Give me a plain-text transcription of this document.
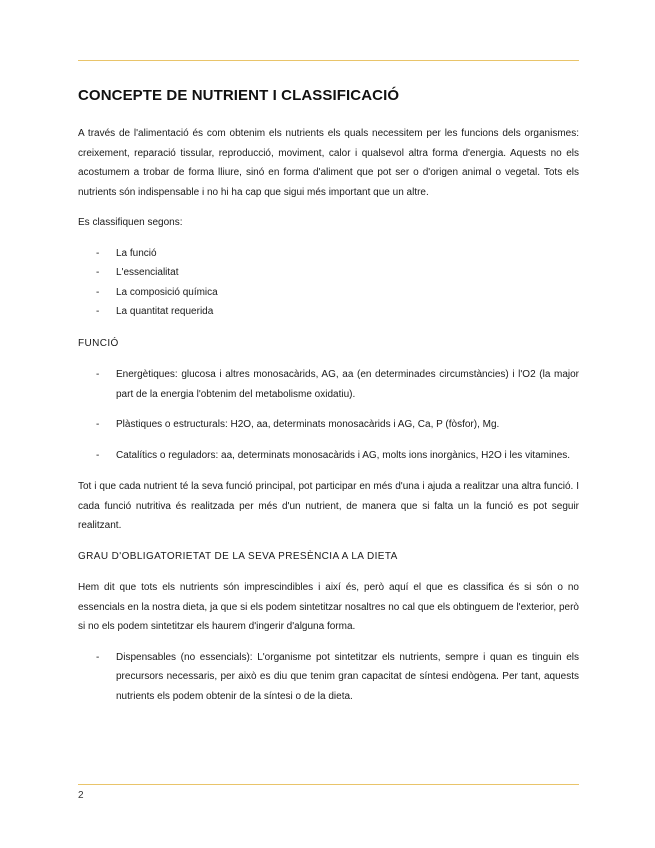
CONCEPTE DE NUTRIENT I CLASSIFICACIÓ

A través de l'alimentació és com obtenim els nutrients els quals necessitem per les funcions dels organismes: creixement, reparació tissular, reproducció, moviment, calor i qualsevol altra forma d'energia. Aquests no els acostumem a trobar de forma lliure, sinó en forma d'aliment que pot ser o d'origen animal o vegetal. Tots els nutrients són indispensable i no hi ha cap que sigui més important que un altre.

Es classifiquen segons:

- La funció
- L'essencialitat
- La composició química
- La quantitat requerida

FUNCIÓ

- Energètiques: glucosa i altres monosacàrids, AG, aa (en determinades circumstàncies) i l'O2 (la major part de la energia l'obtenim del metabolisme oxidatiu).
- Plàstiques o estructurals: H2O, aa, determinats monosacàrids i AG, Ca, P (fòsfor), Mg.
- Catalítics o reguladors: aa, determinats monosacàrids i AG, molts ions inorgànics, H2O i les vitamines.

Tot i que cada nutrient té la seva funció principal, pot participar en més d'una i ajuda a realitzar una altra funció. I cada funció nutritiva és realitzada per més d'un nutrient, de manera que si falta un la funció es pot seguir realitzant.

GRAU D'OBLIGATORIETAT DE LA SEVA PRESÈNCIA A LA DIETA

Hem dit que tots els nutrients són imprescindibles i així és, però aquí el que es classifica és si són o no essencials en la nostra dieta, ja que si els podem sintetitzar nosaltres no cal que els obtinguem de l'exterior, però si no els podem sintetitzar els haurem d'ingerir d'alguna forma.

- Dispensables (no essencials): L'organisme pot sintetitzar els nutrients, sempre i quan es tinguin els precursors necessaris, per això es diu que tenim gran capacitat de síntesi endògena. Per tant, aquests nutrients els podem obtenir de la síntesi o de la dieta.
2
